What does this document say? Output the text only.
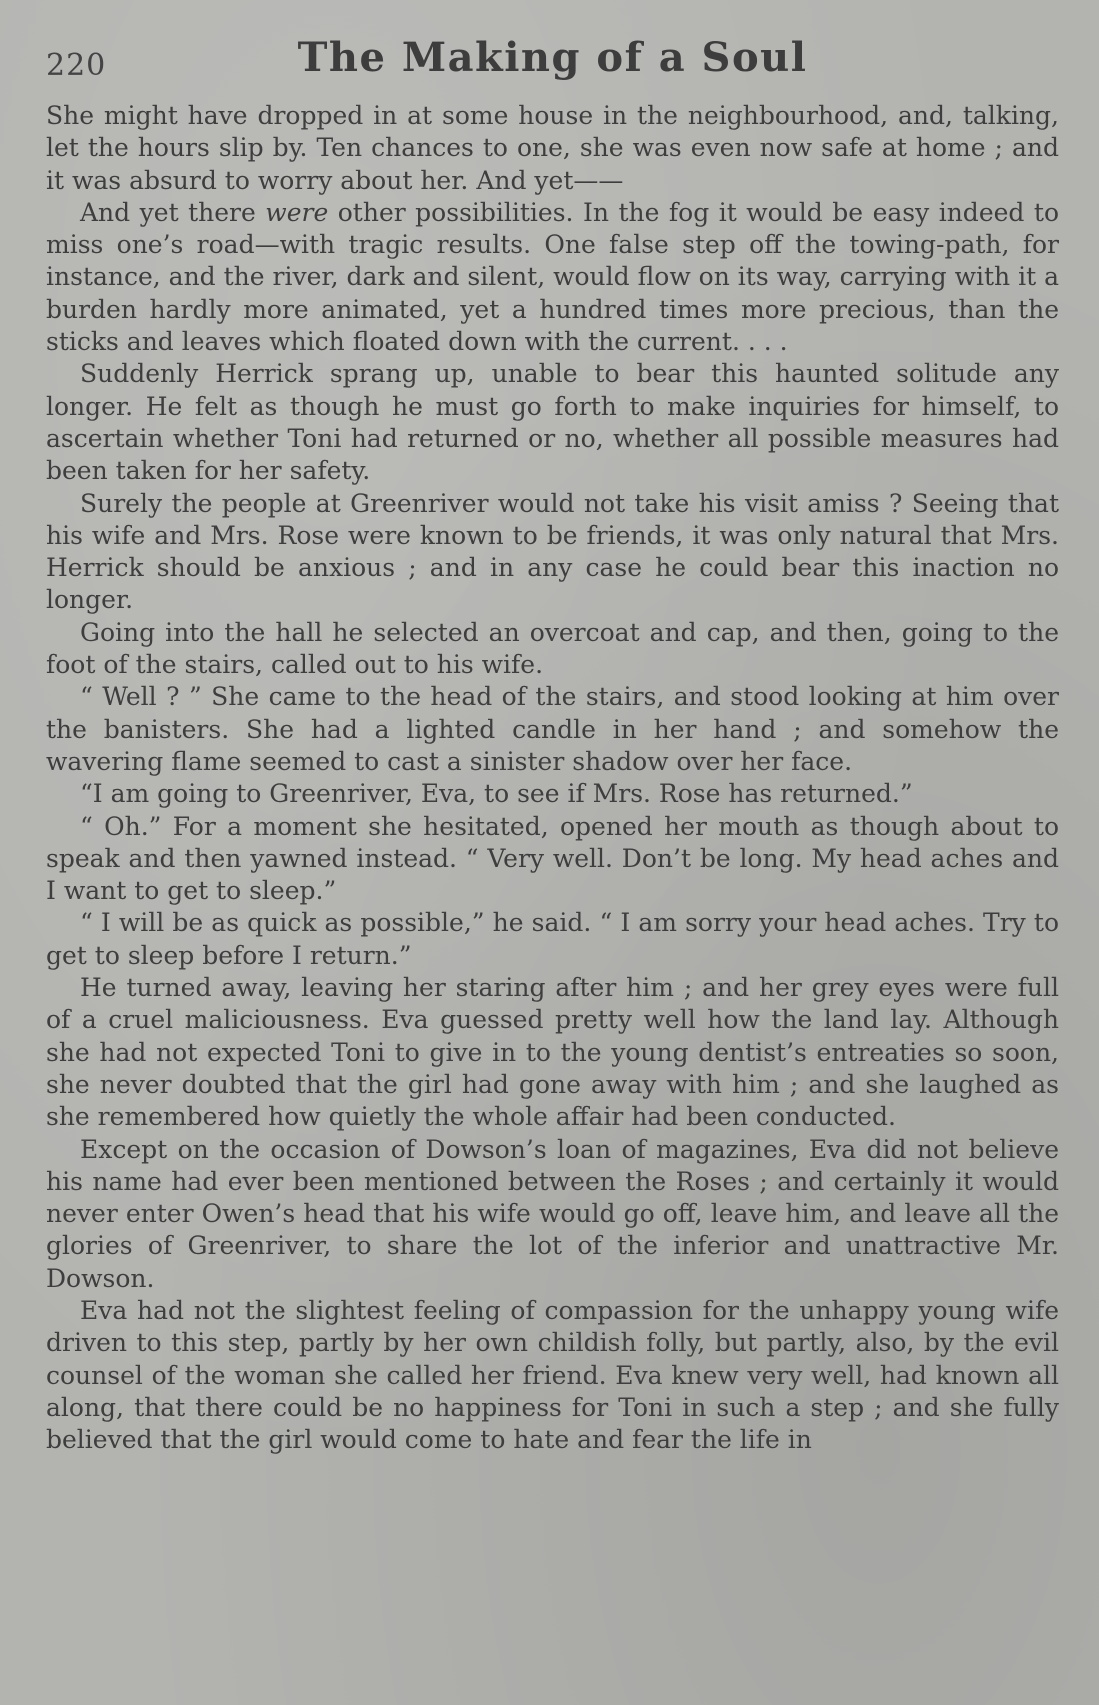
220	The Making of a Soul

She might have dropped in at some house in the neighbourhood, and, talking, let the hours slip by. Ten chances to one, she was even now safe at home ; and it was absurd to worry about her. And yet——

And yet there were other possibilities. In the fog it would be easy indeed to miss one’s road—with tragic results. One false step off the towing-path, for instance, and the river, dark and silent, would flow on its way, carrying with it a burden hardly more animated, yet a hundred times more precious, than the sticks and leaves which floated down with the current. . . .

Suddenly Herrick sprang up, unable to bear this haunted solitude any longer. He felt as though he must go forth to make inquiries for himself, to ascertain whether Toni had returned or no, whether all possible measures had been taken for her safety.

Surely the people at Greenriver would not take his visit amiss ? Seeing that his wife and Mrs. Rose were known to be friends, it was only natural that Mrs. Herrick should be anxious ; and in any case he could bear this inaction no longer.

Going into the hall he selected an overcoat and cap, and then, going to the foot of the stairs, called out to his wife.

“ Well ? ” She came to the head of the stairs, and stood looking at him over the banisters. She had a lighted candle in her hand ; and somehow the wavering flame seemed to cast a sinister shadow over her face.

“I am going to Greenriver, Eva, to see if Mrs. Rose has returned.”

“ Oh.” For a moment she hesitated, opened her mouth as though about to speak and then yawned instead. “ Very well. Don’t be long. My head aches and I want to get to sleep.”

“ I will be as quick as possible,” he said. “ I am sorry your head aches. Try to get to sleep before I return.”

He turned away, leaving her staring after him ; and her grey eyes were full of a cruel maliciousness. Eva guessed pretty well how the land lay. Although she had not expected Toni to give in to the young dentist’s entreaties so soon, she never doubted that the girl had gone away with him ; and she laughed as she remembered how quietly the whole affair had been conducted.

Except on the occasion of Dowson’s loan of magazines, Eva did not believe his name had ever been mentioned between the Roses ; and certainly it would never enter Owen’s head that his wife would go off, leave him, and leave all the glories of Greenriver, to share the lot of the inferior and unattractive Mr. Dowson.

Eva had not the slightest feeling of compassion for the unhappy young wife driven to this step, partly by her own childish folly, but partly, also, by the evil counsel of the woman she called her friend. Eva knew very well, had known all along, that there could be no happiness for Toni in such a step ; and she fully believed that the girl would come to hate and fear the life in
